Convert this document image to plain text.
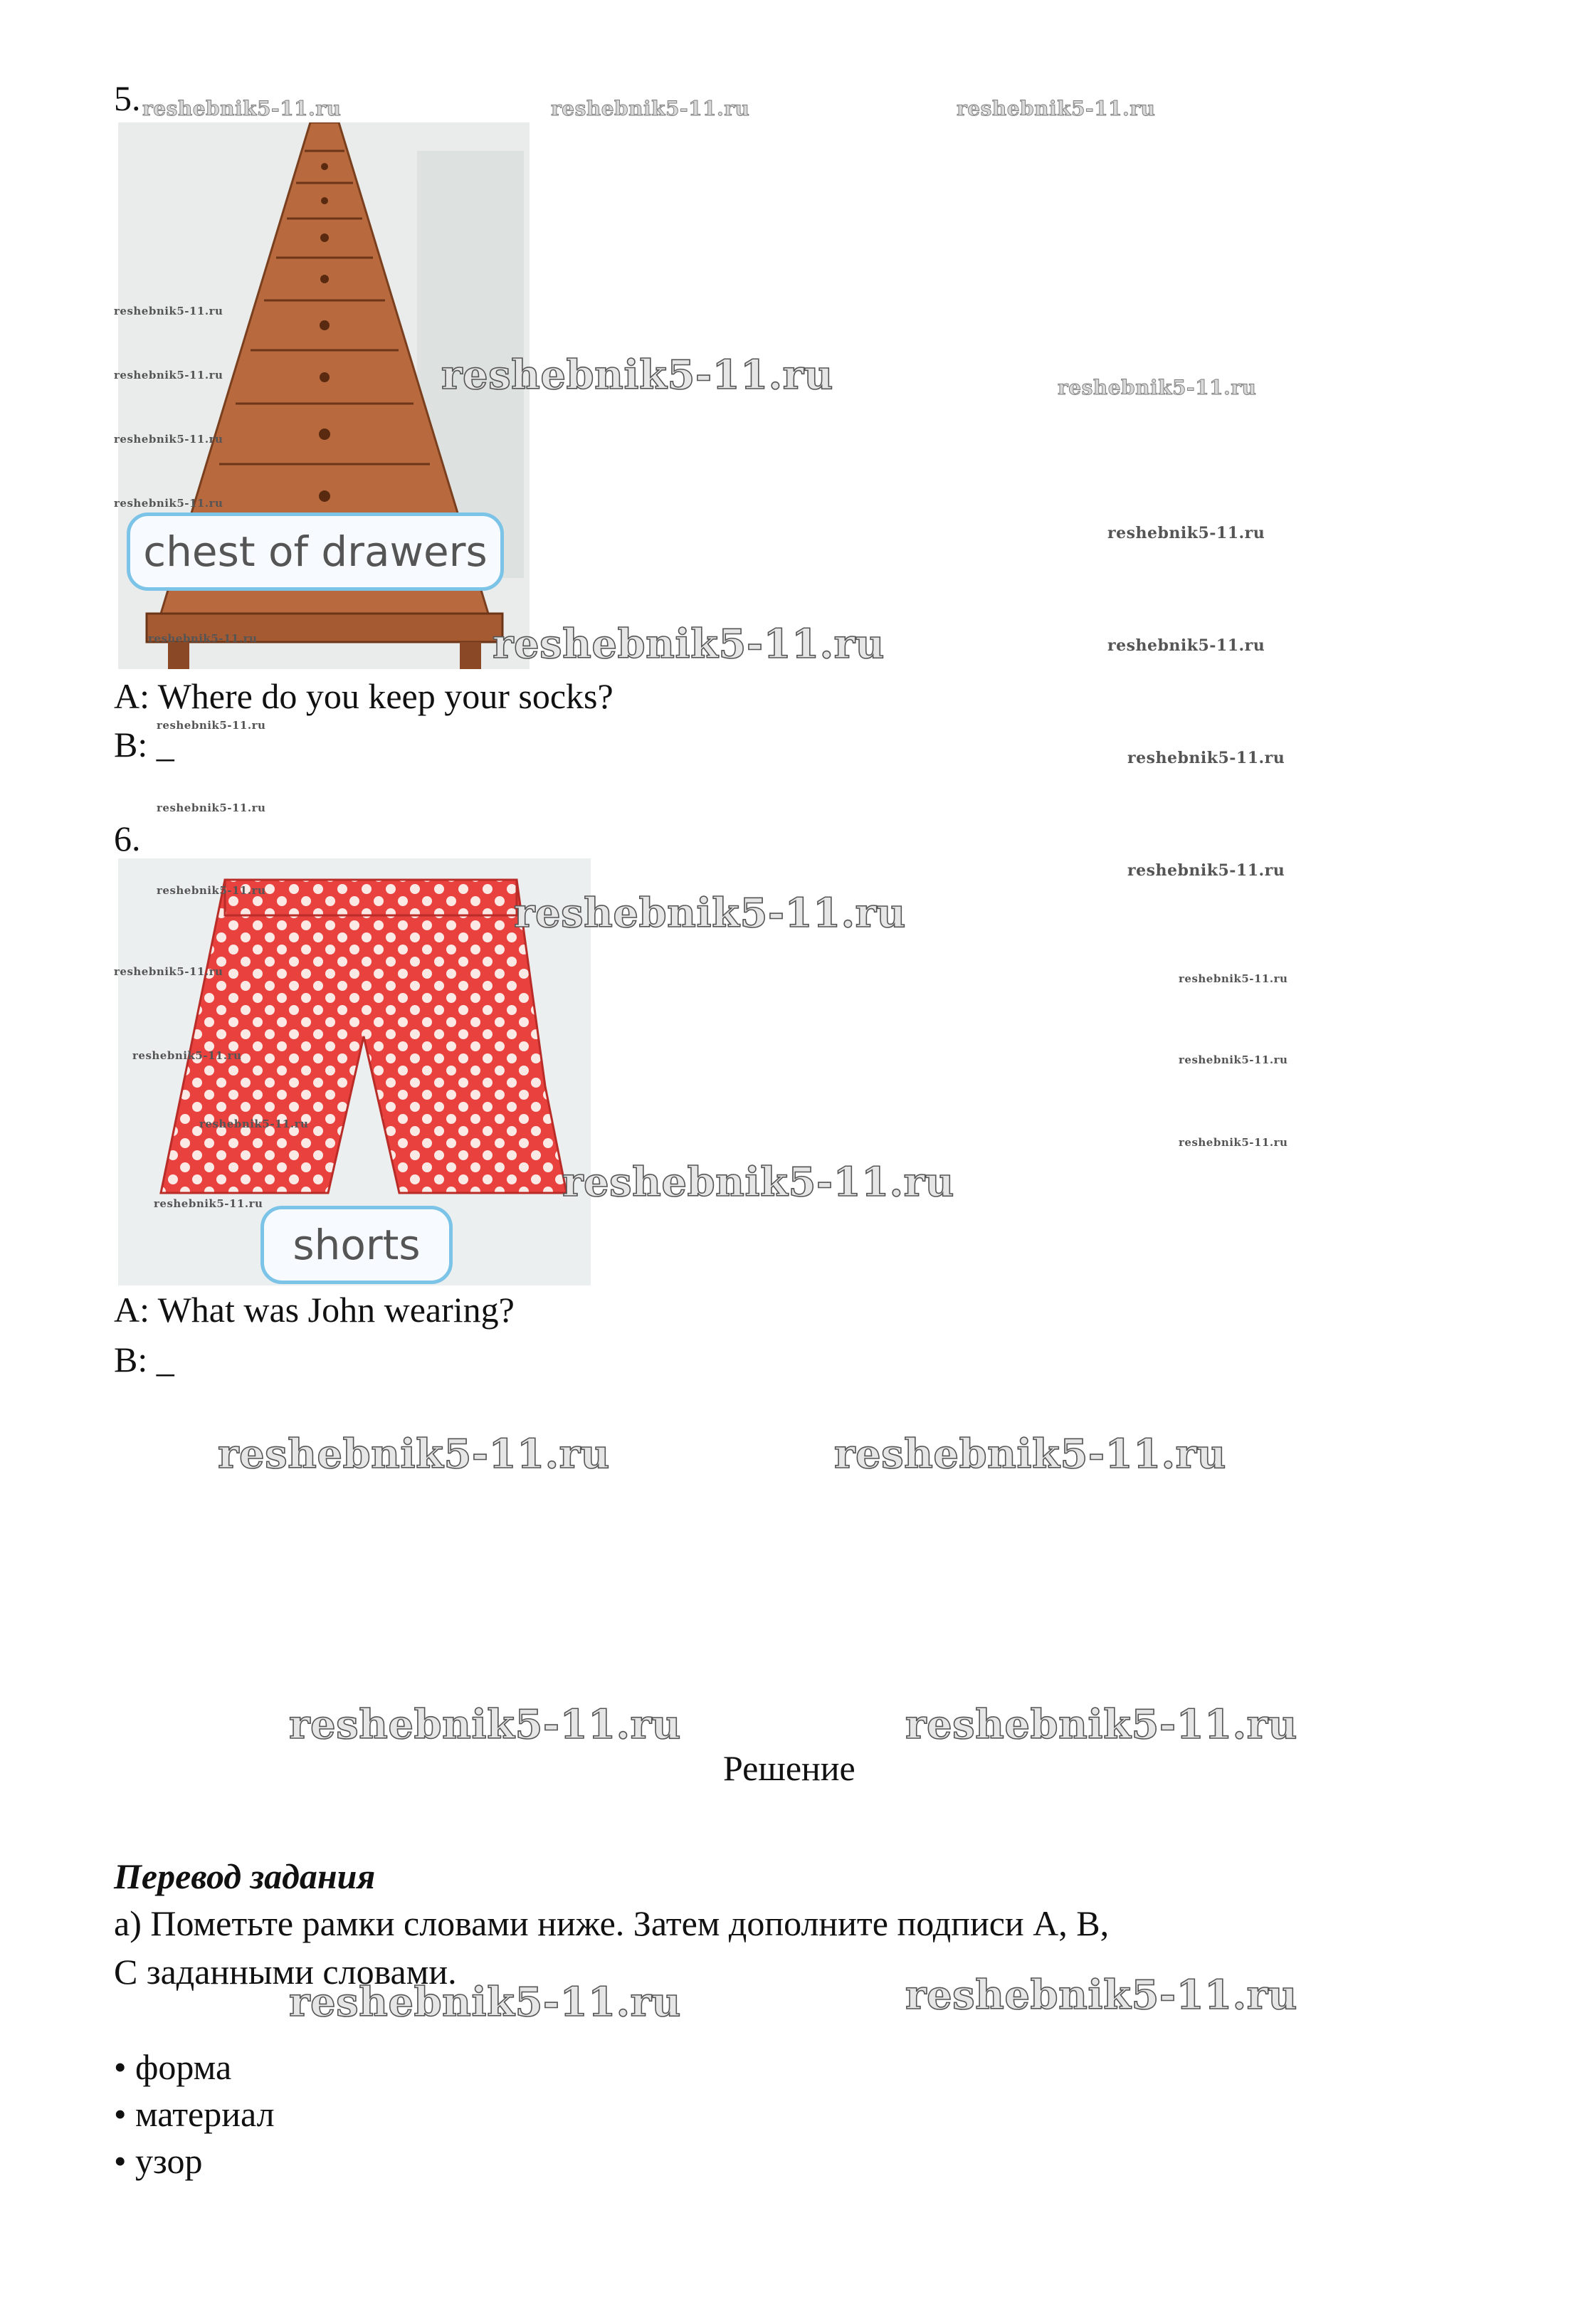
5.
chest of drawers
A: Where do you keep your socks?
B: _
6.
shorts
A: What was John wearing?
B: _
Решение
Перевод задания
а) Пометьте рамки словами ниже. Затем дополните подписи A, B,
C заданными словами.
• форма
• материал
• узор
reshebnik5-11.ru	reshebnik5-11.ru	reshebnik5-11.ru
reshebnik5-11.ru
reshebnik5-11.ru
reshebnik5-11.ru
reshebnik5-11.ru
reshebnik5-11.ru	reshebnik5-11.ru
reshebnik5-11.ru
reshebnik5-11.ru	reshebnik5-11.ru	reshebnik5-11.ru
reshebnik5-11.ru
reshebnik5-11.ru
reshebnik5-11.ru
reshebnik5-11.ru
reshebnik5-11.ru	reshebnik5-11.ru
reshebnik5-11.ru
reshebnik5-11.ru
reshebnik5-11.ru	reshebnik5-11.ru
reshebnik5-11.ru
reshebnik5-11.ru
reshebnik5-11.ru
reshebnik5-11.ru
reshebnik5-11.ru	reshebnik5-11.ru
reshebnik5-11.ru	reshebnik5-11.ru
reshebnik5-11.ru	reshebnik5-11.ru
